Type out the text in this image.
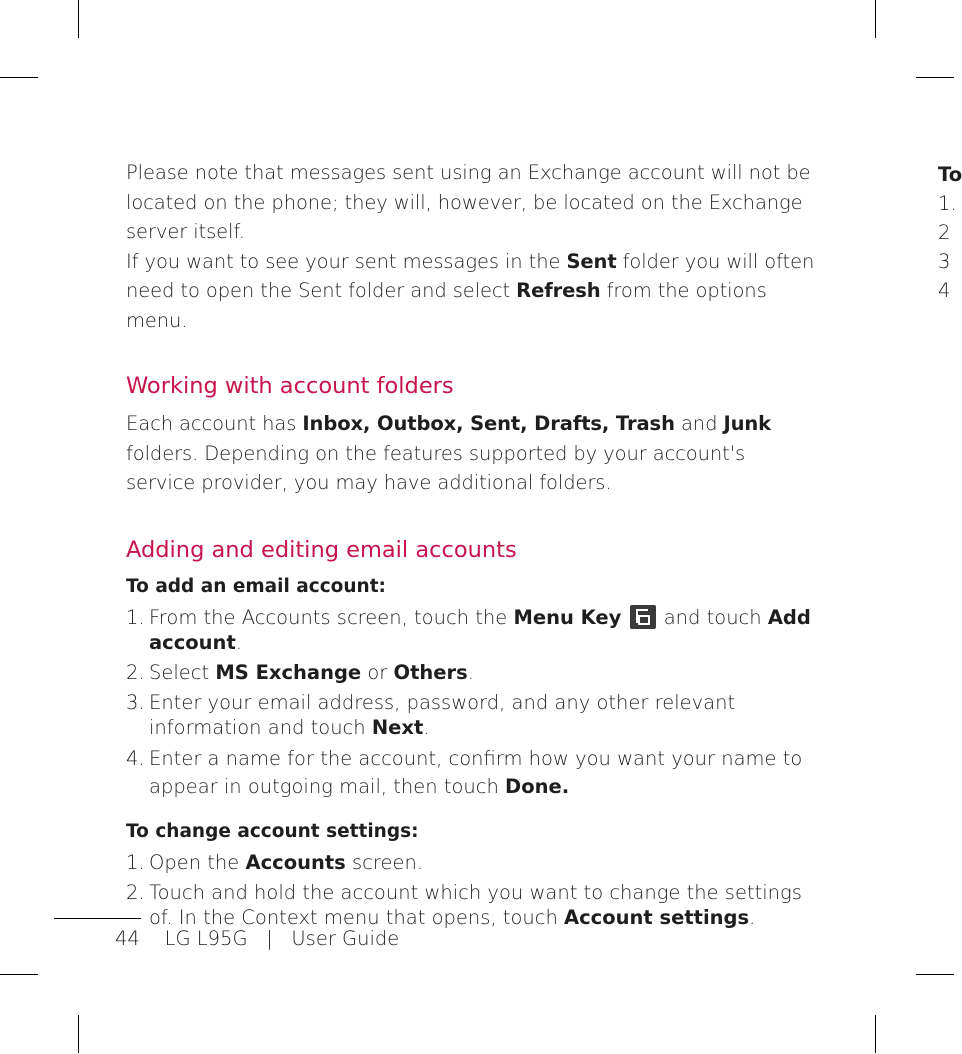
Please note that messages sent using an Exchange account will not be located on the phone; they will, however, be located on the Exchange server itself.

If you want to see your sent messages in the Sent folder you will often need to open the Sent folder and select Refresh from the options menu.

Working with account folders

Each account has Inbox, Outbox, Sent, Drafts, Trash and Junk folders. Depending on the features supported by your account's service provider, you may have additional folders.

Adding and editing email accounts

To add an email account:

1. From the Accounts screen, touch the Menu Key  and touch Add account.
2. Select MS Exchange or Others.
3. Enter your email address, password, and any other relevant information and touch Next.
4. Enter a name for the account, confirm how you want your name to appear in outgoing mail, then touch Done.

To change account settings:

1. Open the Accounts screen.
2. Touch and hold the account which you want to change the settings of. In the Context menu that opens, touch Account settings.
44 LG L95G | User Guide
To
1.
2
3
4
